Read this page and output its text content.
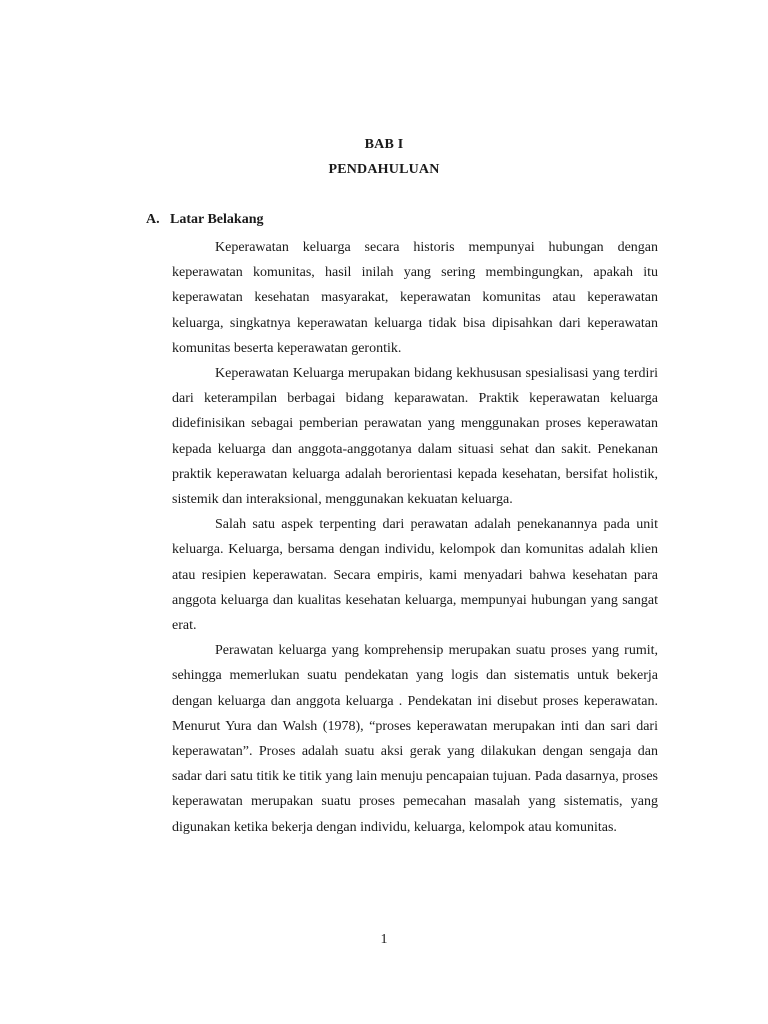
BAB I
PENDAHULUAN
A. Latar Belakang

Keperawatan keluarga secara historis mempunyai hubungan dengan keperawatan komunitas, hasil inilah yang sering membingungkan, apakah itu keperawatan kesehatan masyarakat, keperawatan komunitas atau keperawatan keluarga, singkatnya keperawatan keluarga tidak bisa dipisahkan dari keperawatan komunitas beserta keperawatan gerontik.

Keperawatan Keluarga merupakan bidang kekhususan spesialisasi yang terdiri dari keterampilan berbagai bidang keparawatan. Praktik keperawatan keluarga didefinisikan sebagai pemberian perawatan yang menggunakan proses keperawatan kepada keluarga dan anggota-anggotanya dalam situasi sehat dan sakit. Penekanan praktik keperawatan keluarga adalah berorientasi kepada kesehatan, bersifat holistik, sistemik dan interaksional, menggunakan kekuatan keluarga.

Salah satu aspek terpenting dari perawatan adalah penekanannya pada unit keluarga. Keluarga, bersama dengan individu, kelompok dan komunitas adalah klien atau resipien keperawatan. Secara empiris, kami menyadari bahwa kesehatan para anggota keluarga dan kualitas kesehatan keluarga, mempunyai hubungan yang sangat erat.

Perawatan keluarga yang komprehensip merupakan suatu proses yang rumit, sehingga memerlukan suatu pendekatan yang logis dan sistematis untuk bekerja dengan keluarga dan anggota keluarga . Pendekatan ini disebut proses keperawatan. Menurut Yura dan Walsh (1978), “proses keperawatan merupakan inti dan sari dari keperawatan”. Proses adalah suatu aksi gerak yang dilakukan dengan sengaja dan sadar dari satu titik ke titik yang lain menuju pencapaian tujuan. Pada dasarnya, proses keperawatan merupakan suatu proses pemecahan masalah yang sistematis, yang digunakan ketika bekerja dengan individu, keluarga, kelompok atau komunitas.

1
